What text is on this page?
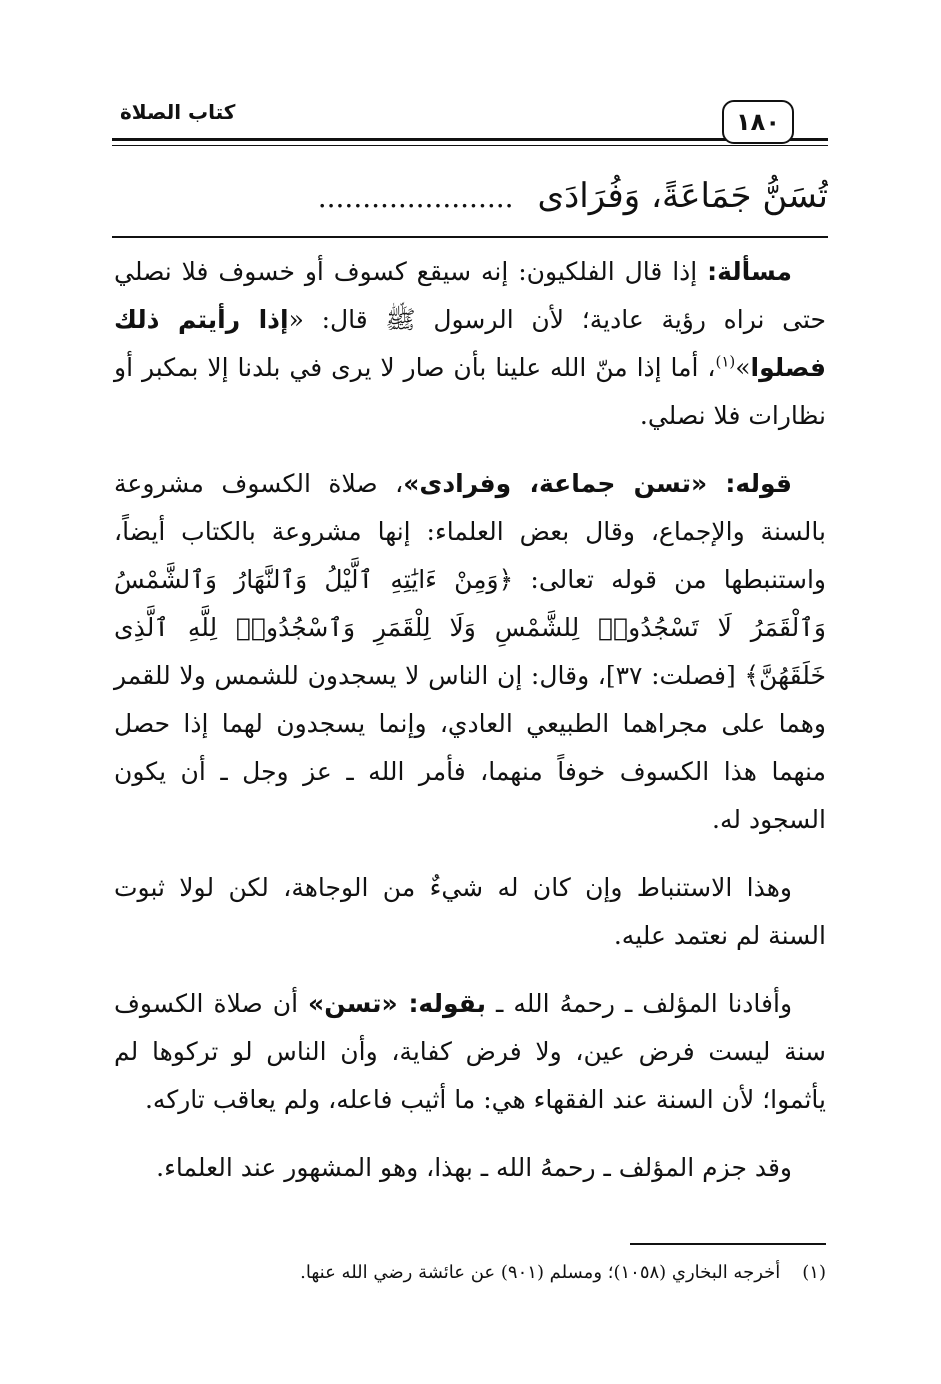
كتاب الصلاة	١٨٠
تُسَنُّ جَمَاعَةً، وَفُرَادَى......................

مسألة: إذا قال الفلكيون: إنه سيقع كسوف أو خسوف فلا نصلي حتى نراه رؤية عادية؛ لأن الرسول ﷺ قال: «إذا رأيتم ذلك فصلوا»$^{(١)}$، أما إذا منّ الله علينا بأن صار لا يرى في بلدنا إلا بمكبر أو نظارات فلا نصلي.

قوله: «تسن جماعة، وفرادى»، صلاة الكسوف مشروعة بالسنة والإجماع، وقال بعض العلماء: إنها مشروعة بالكتاب أيضاً، واستنبطها من قوله تعالى: ﴿وَمِنْ ءَايَٰتِهِ ٱلَّيْلُ وَٱلنَّهَارُ وَٱلشَّمْسُ وَٱلْقَمَرُ لَا تَسْجُدُوا۟ لِلشَّمْسِ وَلَا لِلْقَمَرِ وَٱسْجُدُوا۟ لِلَّهِ ٱلَّذِى خَلَقَهُنَّ﴾ [فصلت: ٣٧]، وقال: إن الناس لا يسجدون للشمس ولا للقمر وهما على مجراهما الطبيعي العادي، وإنما يسجدون لهما إذا حصل منهما هذا الكسوف خوفاً منهما، فأمر الله ـ عز وجل ـ أن يكون السجود له.

وهذا الاستنباط وإن كان له شيءٌ من الوجاهة، لكن لولا ثبوت السنة لم نعتمد عليه.

وأفادنا المؤلف ـ رحمهُ الله ـ بقوله: «تسن» أن صلاة الكسوف سنة ليست فرض عين، ولا فرض كفاية، وأن الناس لو تركوها لم يأثموا؛ لأن السنة عند الفقهاء هي: ما أثيب فاعله، ولم يعاقب تاركه.

وقد جزم المؤلف ـ رحمهُ الله ـ بهذا، وهو المشهور عند العلماء.

(١)أخرجه البخاري (١٠٥٨)؛ ومسلم (٩٠١) عن عائشة رضي الله عنها.
